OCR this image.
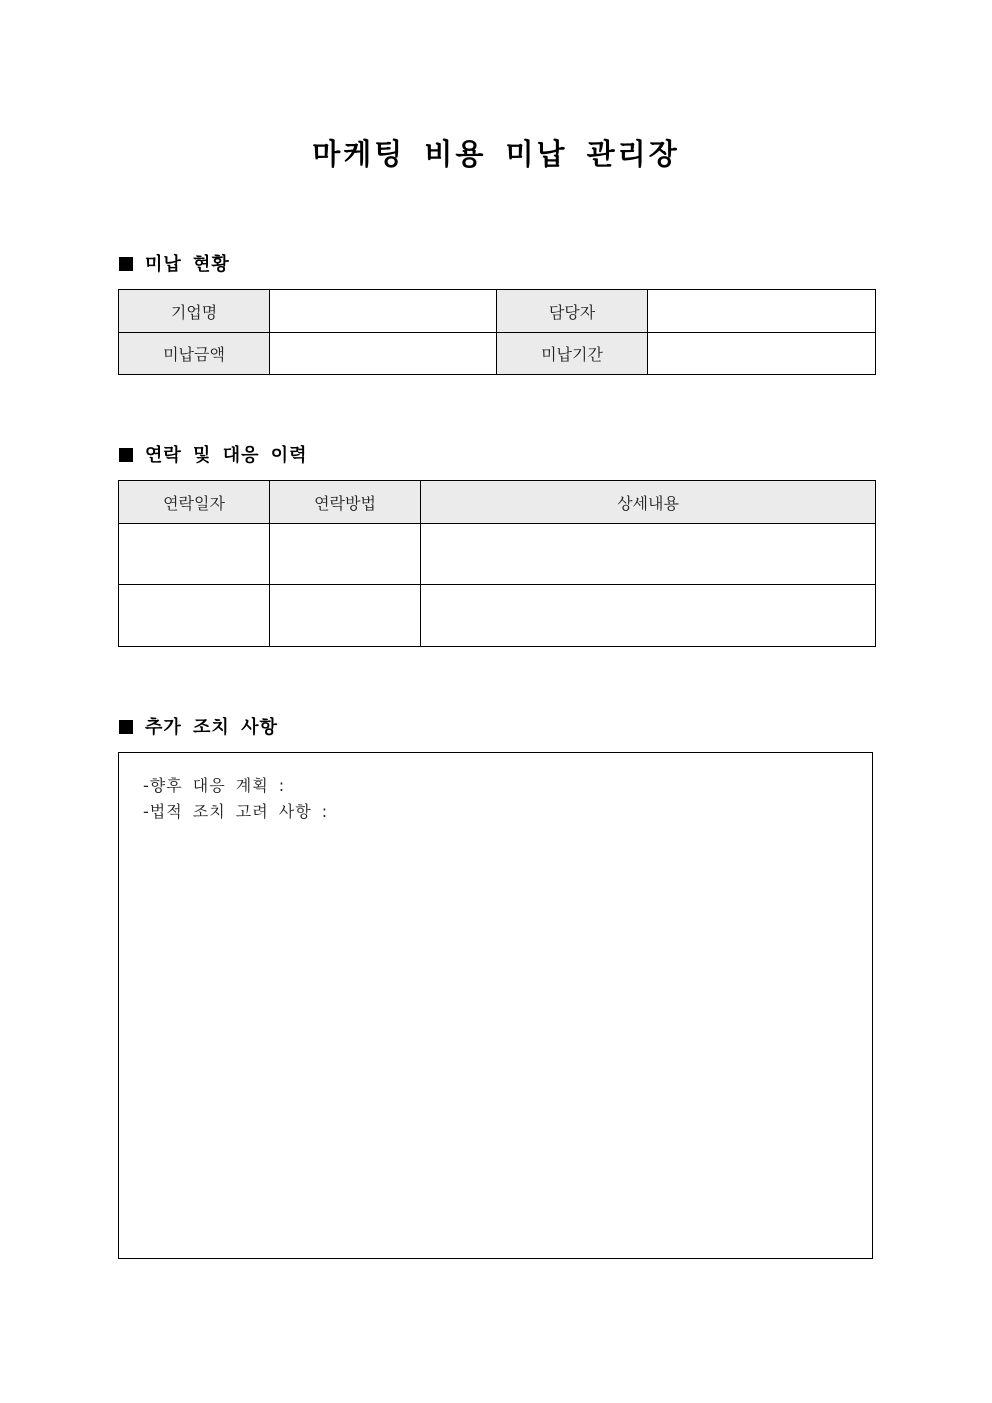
마케팅 비용 미납 관리장
미납 현황
기업명		담당자	
미납금액		미납기간	
연락 및 대응 이력
연락일자	연락방법	상세내용

추가 조치 사항
-향후 대응 계획 :
-법적 조치 고려 사항 :
